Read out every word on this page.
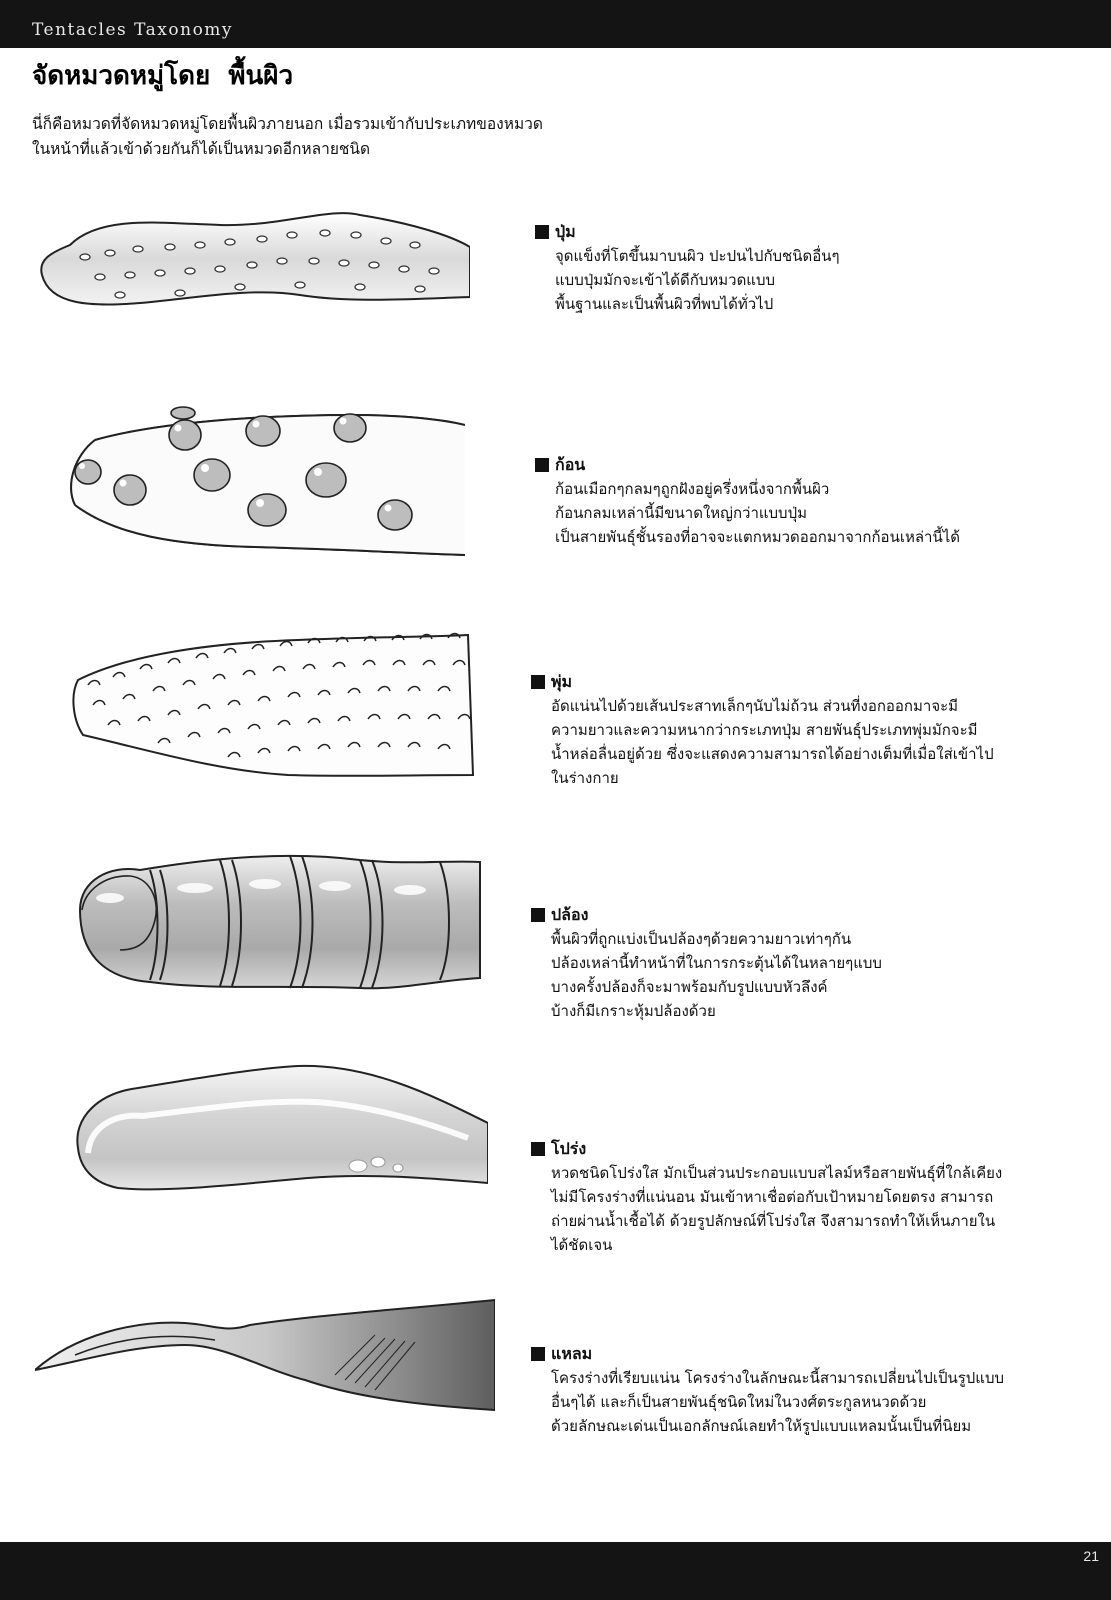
Tentacles Taxonomy
จัดหมวดหมู่โดย  พื้นผิว
นี่ก็คือหมวดที่จัดหมวดหมู่โดยพื้นผิวภายนอก เมื่อรวมเข้ากับประเภทของหมวด
ในหน้าที่แล้วเข้าด้วยกันก็ได้เป็นหมวดอีกหลายชนิด
ปุ่ม
จุดแข็งที่โตขึ้นมาบนผิว ปะปนไปกับชนิดอื่นๆ
แบบปุ่มมักจะเข้าได้ดีกับหมวดแบบ
พื้นฐานและเป็นพื้นผิวที่พบได้ทั่วไป
ก้อน
ก้อนเมือกๆกลมๆถูกฝังอยู่ครึ่งหนึ่งจากพื้นผิว
ก้อนกลมเหล่านี้มีขนาดใหญ่กว่าแบบปุ่ม
เป็นสายพันธุ์ชั้นรองที่อาจจะแตกหมวดออกมาจากก้อนเหล่านี้ได้
พุ่ม
อัดแน่นไปด้วยเส้นประสาทเล็กๆนับไม่ถ้วน ส่วนที่งอกออกมาจะมี
ความยาวและความหนากว่ากระเภทปุ่ม สายพันธุ์ประเภทพุ่มมักจะมี
น้ำหล่อลื่นอยู่ด้วย ซึ่งจะแสดงความสามารถได้อย่างเต็มที่เมื่อใส่เข้าไป
ในร่างกาย
ปล้อง
พื้นผิวที่ถูกแบ่งเป็นปล้องๆด้วยความยาวเท่าๆกัน
ปล้องเหล่านี้ทำหน้าที่ในการกระตุ้นได้ในหลายๆแบบ
บางครั้งปล้องก็จะมาพร้อมกับรูปแบบหัวลึงค์
บ้างก็มีเกราะหุ้มปล้องด้วย
โปร่ง
หวดชนิดโปร่งใส มักเป็นส่วนประกอบแบบสไลม์หรือสายพันธุ์ที่ใกล้เคียง
ไม่มีโครงร่างที่แน่นอน มันเข้าหาเชื่อต่อกับเป้าหมายโดยตรง สามารถ
ถ่ายผ่านน้ำเชื้อได้ ด้วยรูปลักษณ์ที่โปร่งใส จึงสามารถทำให้เห็นภายใน
ได้ชัดเจน
แหลม
โครงร่างที่เรียบแน่น โครงร่างในลักษณะนี้สามารถเปลี่ยนไปเป็นรูปแบบ
อื่นๆได้ และก็เป็นสายพันธุ์ชนิดใหม่ในวงศ์ตระกูลหนวดด้วย
ด้วยลักษณะเด่นเป็นเอกลักษณ์เลยทำให้รูปแบบแหลมนั้นเป็นที่นิยม
21
